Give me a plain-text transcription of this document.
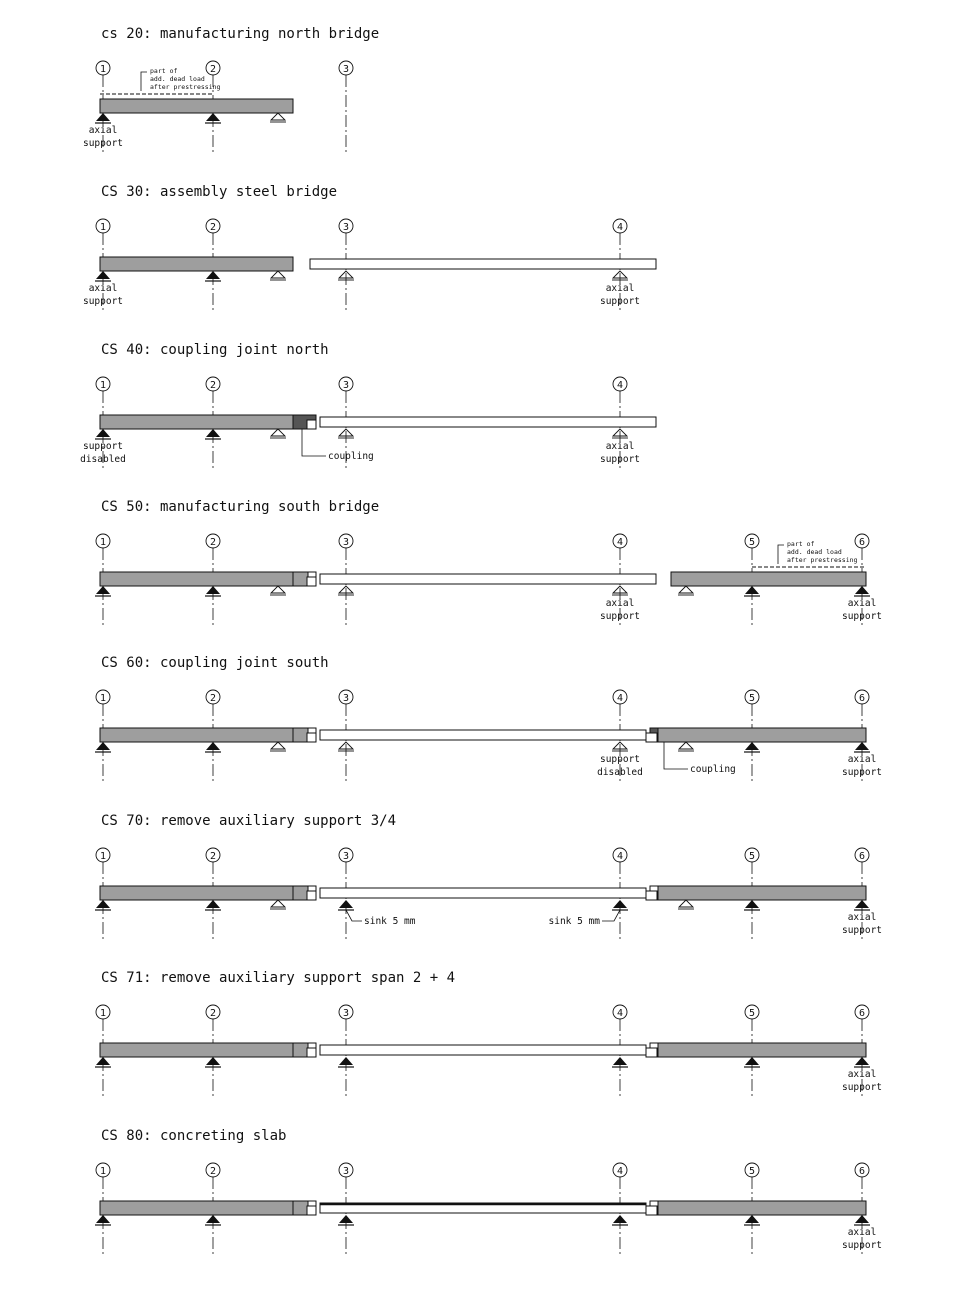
cs 20: manufacturing north bridge
1	2	3
axial
support
part of
add. dead load
after prestressing
CS 30: assembly steel bridge
1	2	3	4
axial
support
axial
support
CS 40: coupling joint north
1	2	3	4
support
disabled
axial
support
coupling
CS 50: manufacturing south bridge
1	2	3	4	5	6
axial
support
axial
support
part of
add. dead load
after prestressing
CS 60: coupling joint south
1	2	3	4	5	6
support
disabled
axial
support
coupling
CS 70: remove auxiliary support 3/4
1	2	3	4	5	6
axial
support
sink 5 mm	sink 5 mm
CS 71: remove auxiliary support span 2 + 4
1	2	3	4	5	6
axial
support
CS 80: concreting slab
1	2	3	4	5	6
axial
support
